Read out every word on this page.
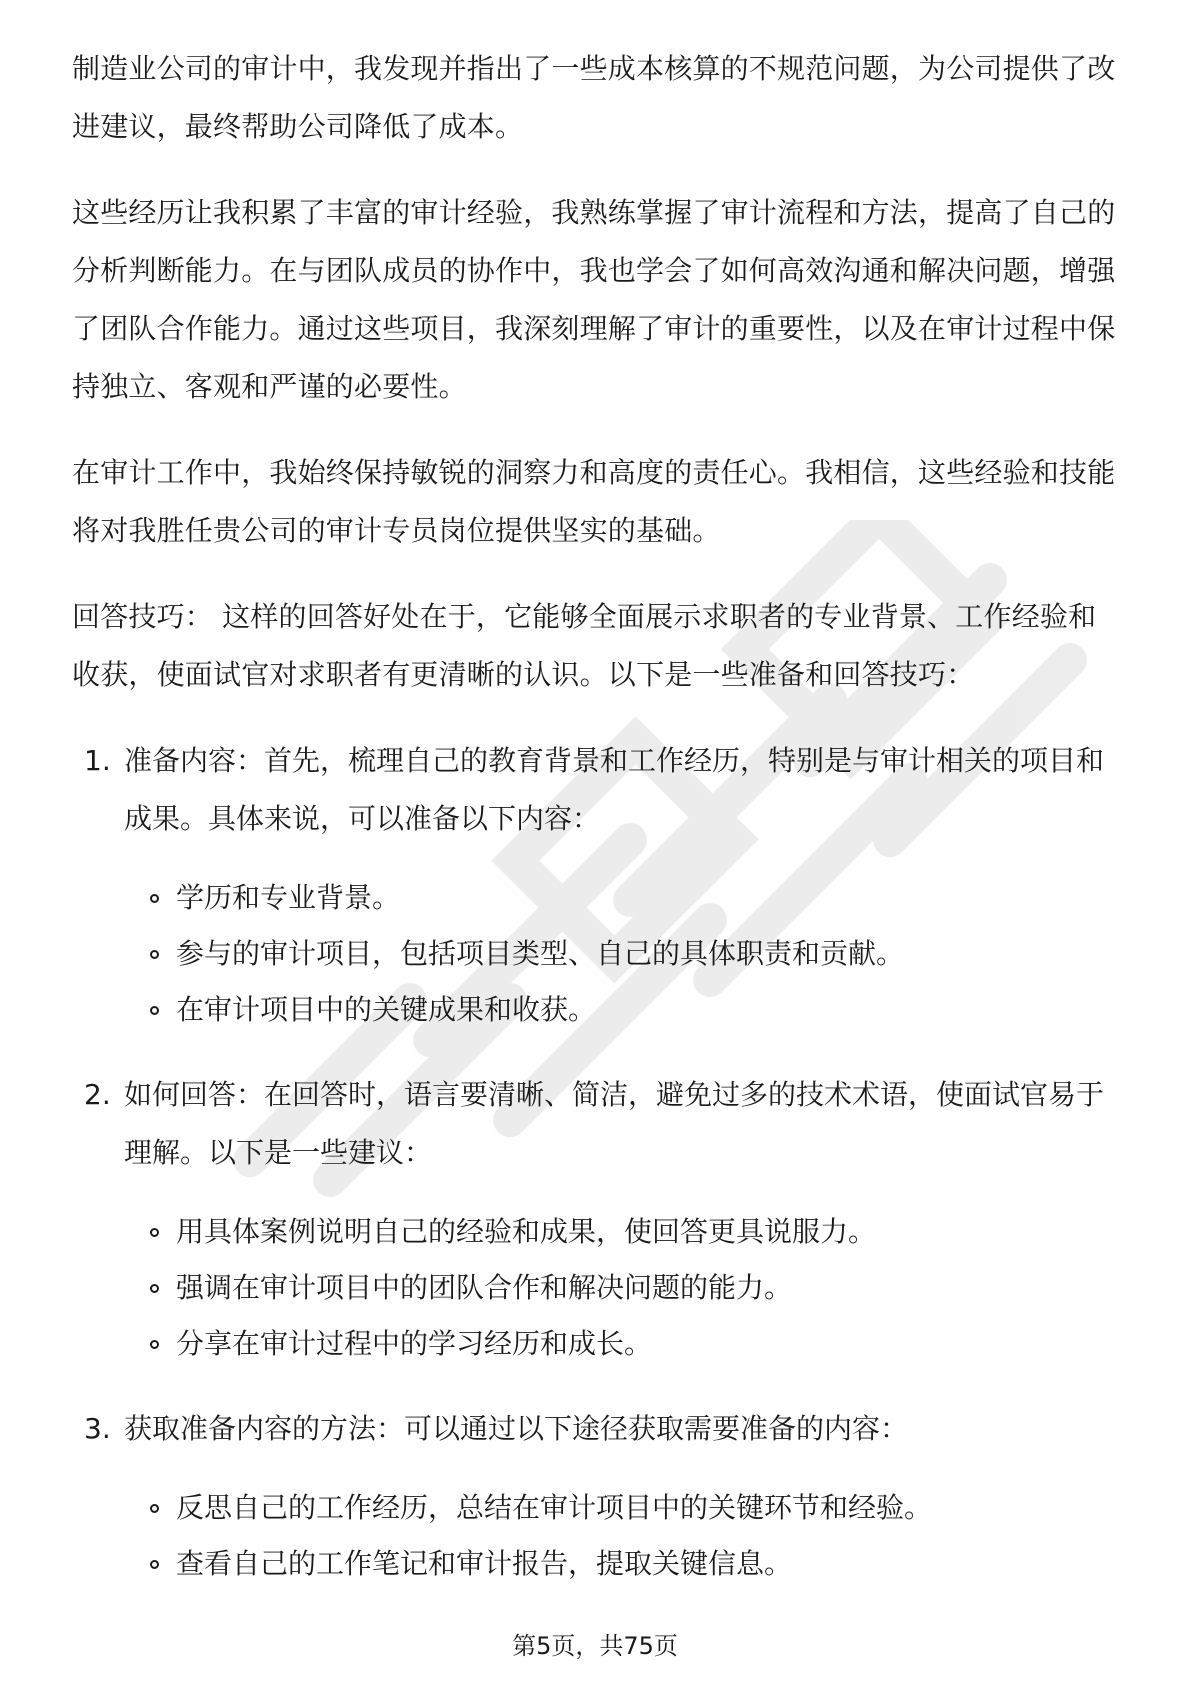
制造业公司的审计中，我发现并指出了一些成本核算的不规范问题，为公司提供了改进建议，最终帮助公司降低了成本。

这些经历让我积累了丰富的审计经验，我熟练掌握了审计流程和方法，提高了自己的分析判断能力。在与团队成员的协作中，我也学会了如何高效沟通和解决问题，增强了团队合作能力。通过这些项目，我深刻理解了审计的重要性，以及在审计过程中保持独立、客观和严谨的必要性。

在审计工作中，我始终保持敏锐的洞察力和高度的责任心。我相信，这些经验和技能将对我胜任贵公司的审计专员岗位提供坚实的基础。

回答技巧： 这样的回答好处在于，它能够全面展示求职者的专业背景、工作经验和收获，使面试官对求职者有更清晰的认识。以下是一些准备和回答技巧：

1. 准备内容：首先，梳理自己的教育背景和工作经历，特别是与审计相关的项目和成果。具体来说，可以准备以下内容：
学历和专业背景。
参与的审计项目，包括项目类型、自己的具体职责和贡献。
在审计项目中的关键成果和收获。
2. 如何回答：在回答时，语言要清晰、简洁，避免过多的技术术语，使面试官易于理解。以下是一些建议：
用具体案例说明自己的经验和成果，使回答更具说服力。
强调在审计项目中的团队合作和解决问题的能力。
分享在审计过程中的学习经历和成长。
3. 获取准备内容的方法：可以通过以下途径获取需要准备的内容：
反思自己的工作经历，总结在审计项目中的关键环节和经验。
查看自己的工作笔记和审计报告，提取关键信息。
第5页，共75页
